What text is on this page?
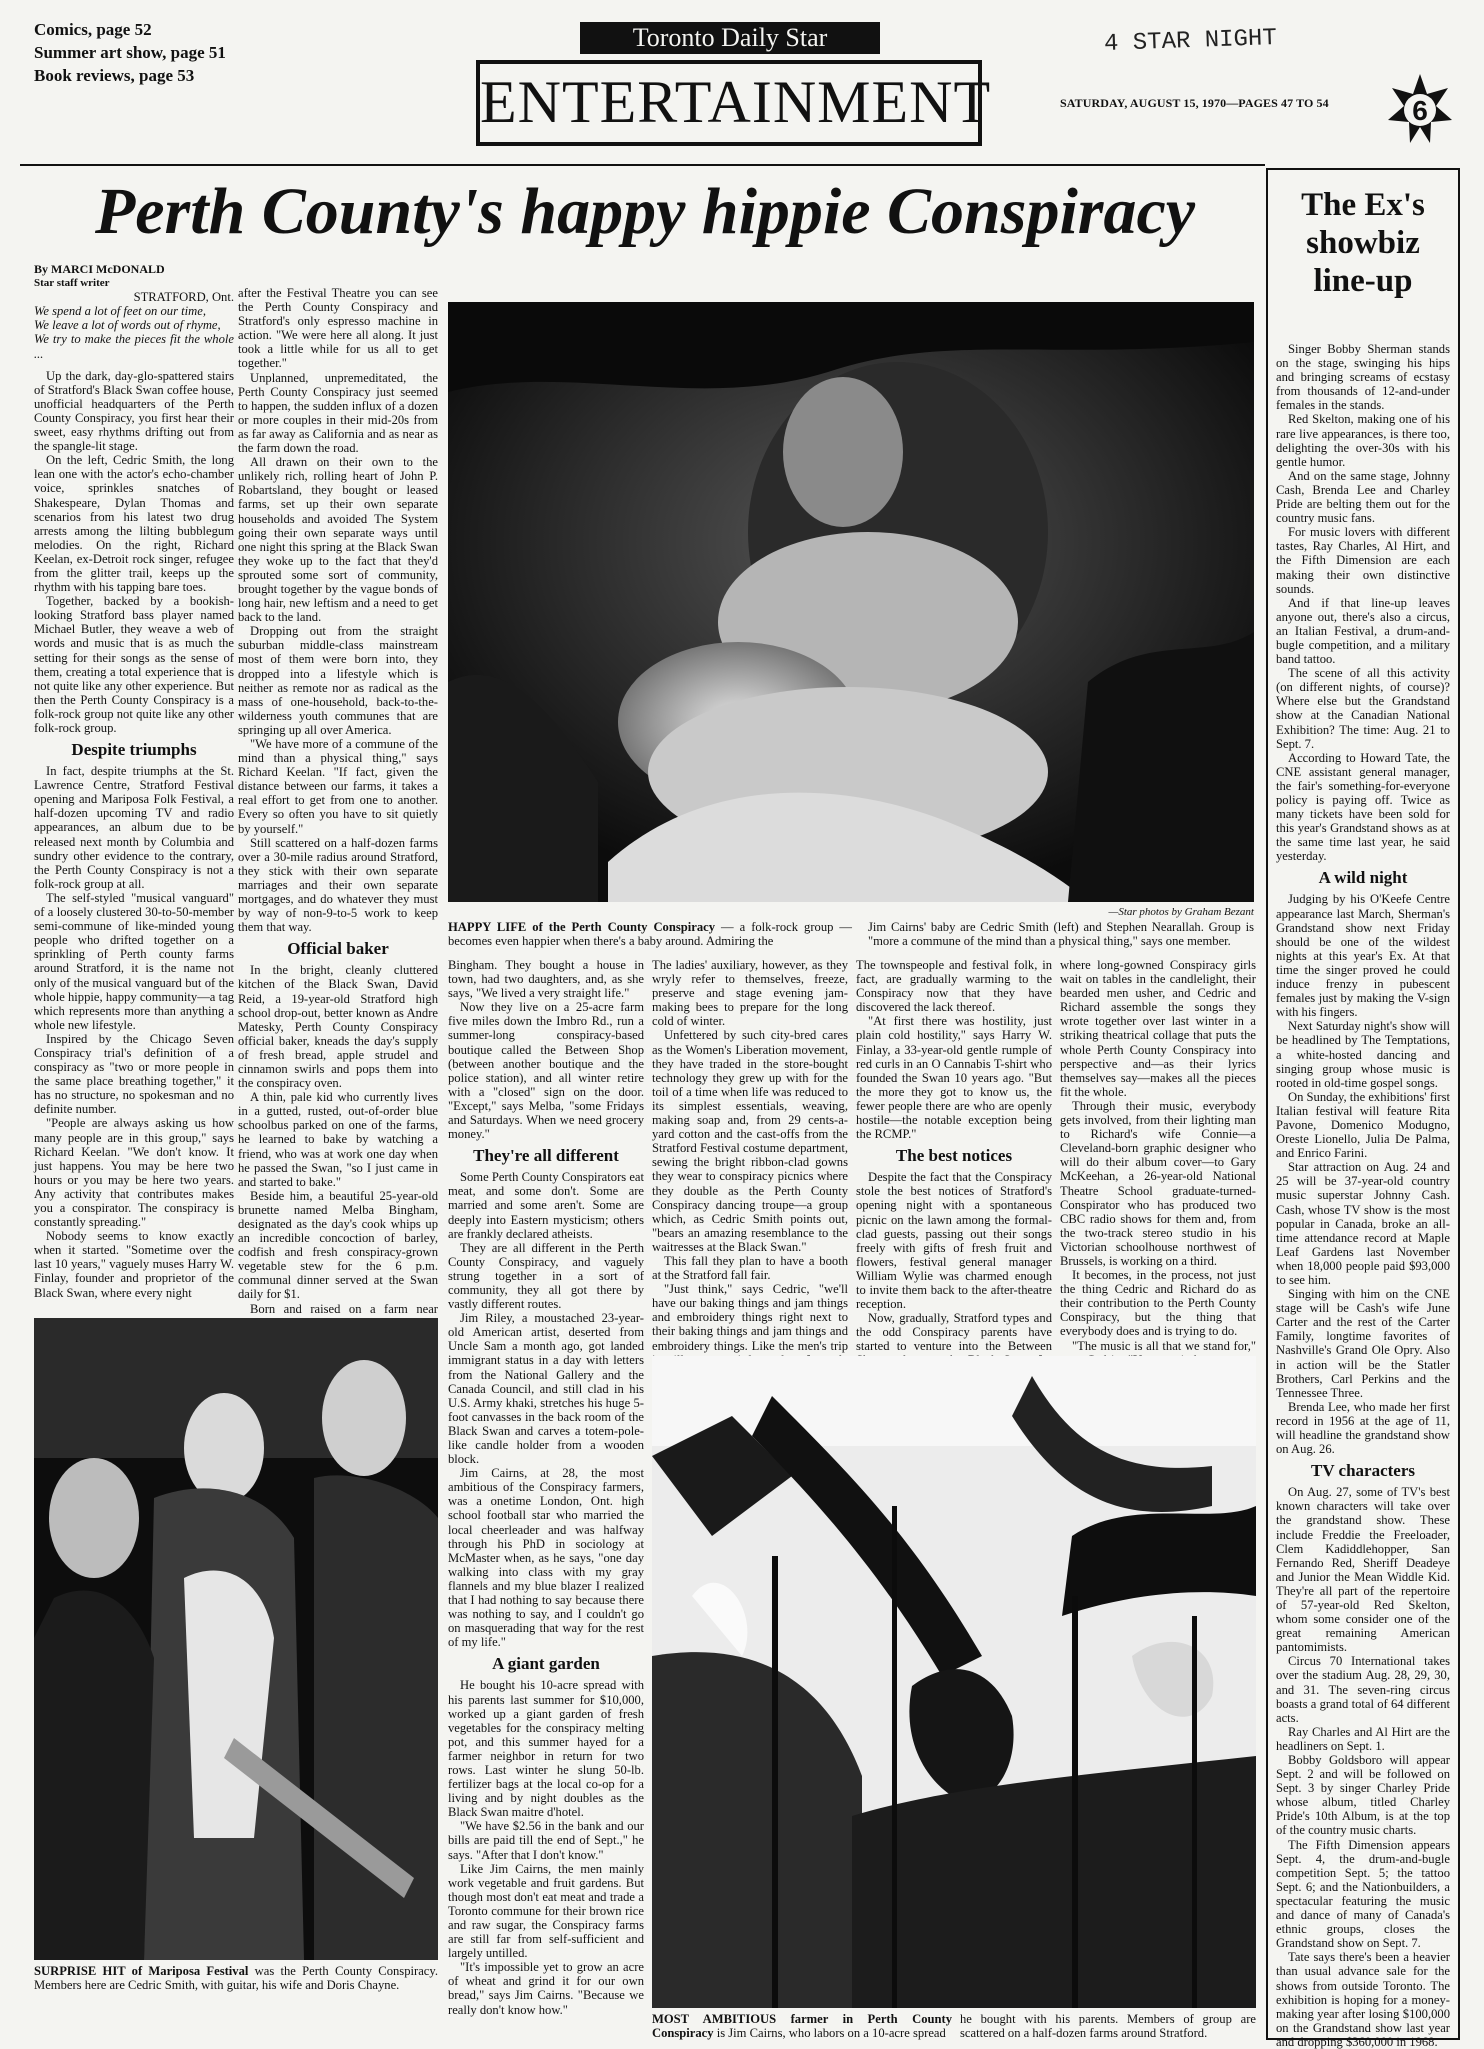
Comics, page 52
Summer art show, page 51
Book reviews, page 53
Toronto Daily Star
ENTERTAINMENT
4 STAR NIGHT
SATURDAY, AUGUST 15, 1970—PAGES 47 TO 54	6
Perth County's happy hippie Conspiracy

By MARCI McDONALD

Star staff writer

STRATFORD, Ont.

We spend a lot of feet on our time,

We leave a lot of words out of rhyme,

We try to make the pieces fit the whole ...

Up the dark, day-glo-spattered stairs of Stratford's Black Swan coffee house, unofficial headquarters of the Perth County Conspiracy, you first hear their sweet, easy rhythms drifting out from the spangle-lit stage.

On the left, Cedric Smith, the long lean one with the actor's echo-chamber voice, sprinkles snatches of Shakespeare, Dylan Thomas and scenarios from his latest two drug arrests among the lilting bubblegum melodies. On the right, Richard Keelan, ex-Detroit rock singer, refugee from the glitter trail, keeps up the rhythm with his tapping bare toes.

Together, backed by a bookish-looking Stratford bass player named Michael Butler, they weave a web of words and music that is as much the setting for their songs as the sense of them, creating a total experience that is not quite like any other experience. But then the Perth County Conspiracy is a folk-rock group not quite like any other folk-rock group.

Despite triumphs

In fact, despite triumphs at the St. Lawrence Centre, Stratford Festival opening and Mariposa Folk Festival, a half-dozen upcoming TV and radio appearances, an album due to be released next month by Columbia and sundry other evidence to the contrary, the Perth County Conspiracy is not a folk-rock group at all.

The self-styled "musical vanguard" of a loosely clustered 30-to-50-member semi-commune of like-minded young people who drifted together on a sprinkling of Perth county farms around Stratford, it is the name not only of the musical vanguard but of the whole hippie, happy community—a tag which represents more than anything a whole new lifestyle.

Inspired by the Chicago Seven Conspiracy trial's definition of a conspiracy as "two or more people in the same place breathing together," it has no structure, no spokesman and no definite number.

"People are always asking us how many people are in this group," says Richard Keelan. "We don't know. It just happens. You may be here two hours or you may be here two years. Any activity that contributes makes you a conspirator. The conspiracy is constantly spreading."

Nobody seems to know exactly when it started. "Sometime over the last 10 years," vaguely muses Harry W. Finlay, founder and proprietor of the Black Swan, where every night

after the Festival Theatre you can see the Perth County Conspiracy and Stratford's only espresso machine in action. "We were here all along. It just took a little while for us all to get together."

Unplanned, unpremeditated, the Perth County Conspiracy just seemed to happen, the sudden influx of a dozen or more couples in their mid-20s from as far away as California and as near as the farm down the road.

All drawn on their own to the unlikely rich, rolling heart of John P. Robartsland, they bought or leased farms, set up their own separate households and avoided The System going their own separate ways until one night this spring at the Black Swan they woke up to the fact that they'd sprouted some sort of community, brought together by the vague bonds of long hair, new leftism and a need to get back to the land.

Dropping out from the straight suburban middle-class mainstream most of them were born into, they dropped into a lifestyle which is neither as remote nor as radical as the mass of one-household, back-to-the-wilderness youth communes that are springing up all over America.

"We have more of a commune of the mind than a physical thing," says Richard Keelan. "If fact, given the distance between our farms, it takes a real effort to get from one to another. Every so often you have to sit quietly by yourself."

Still scattered on a half-dozen farms over a 30-mile radius around Stratford, they stick with their own separate marriages and their own separate mortgages, and do whatever they must by way of non-9-to-5 work to keep them that way.

Official baker

In the bright, cleanly cluttered kitchen of the Black Swan, David Reid, a 19-year-old Stratford high school drop-out, better known as Andre Matesky, Perth County Conspiracy official baker, kneads the day's supply of fresh bread, apple strudel and cinnamon swirls and pops them into the conspiracy oven.

A thin, pale kid who currently lives in a gutted, rusted, out-of-order blue schoolbus parked on one of the farms, he learned to bake by watching a friend, who was at work one day when he passed the Swan, "so I just came in and started to bake."

Beside him, a beautiful 25-year-old brunette named Melba Bingham, designated as the day's cook whips up an incredible concoction of barley, codfish and fresh conspiracy-grown vegetable stew for the 6 p.m. communal dinner served at the Swan daily for $1.

Born and raised on a farm near

—Star photos by Graham Bezant
HAPPY LIFE of the Perth County Conspiracy — a folk-rock group —becomes even happier when there's a baby around. Admiring the
Jim Cairns' baby are Cedric Smith (left) and Stephen Nearallah. Group is "more a commune of the mind than a physical thing," says one member.

Bingham. They bought a house in town, had two daughters, and, as she says, "We lived a very straight life."

Now they live on a 25-acre farm five miles down the Imbro Rd., run a summer-long conspiracy-based boutique called the Between Shop (between another boutique and the police station), and all winter retire with a "closed" sign on the door. "Except," says Melba, "some Fridays and Saturdays. When we need grocery money."

They're all different

Some Perth County Conspirators eat meat, and some don't. Some are married and some aren't. Some are deeply into Eastern mysticism; others are frankly declared atheists.

They are all different in the Perth County Conspiracy, and vaguely strung together in a sort of community, they all got there by vastly different routes.

Jim Riley, a moustached 23-year-old American artist, deserted from Uncle Sam a month ago, got landed immigrant status in a day with letters from the National Gallery and the Canada Council, and still clad in his U.S. Army khaki, stretches his huge 5-foot canvasses in the back room of the Black Swan and carves a totem-pole-like candle holder from a wooden block.

Jim Cairns, at 28, the most ambitious of the Conspiracy farmers, was a onetime London, Ont. high school football star who married the local cheerleader and was halfway through his PhD in sociology at McMaster when, as he says, "one day walking into class with my gray flannels and my blue blazer I realized that I had nothing to say because there was nothing to say, and I couldn't go on masquerading that way for the rest of my life."

A giant garden

He bought his 10-acre spread with his parents last summer for $10,000, worked up a giant garden of fresh vegetables for the conspiracy melting pot, and this summer hayed for a farmer neighbor in return for two rows. Last winter he slung 50-lb. fertilizer bags at the local co-op for a living and by night doubles as the Black Swan maitre d'hotel.

"We have $2.56 in the bank and our bills are paid till the end of Sept.," he says. "After that I don't know."

Like Jim Cairns, the men mainly work vegetable and fruit gardens. But though most don't eat meat and trade a Toronto commune for their brown rice and raw sugar, the Conspiracy farms are still far from self-sufficient and largely untilled.

"It's impossible yet to grow an acre of wheat and grind it for our own bread," says Jim Cairns. "Because we really don't know how."

The ladies' auxiliary, however, as they wryly refer to themselves, freeze, preserve and stage evening jam-making bees to prepare for the long cold of winter.

Unfettered by such city-bred cares as the Women's Liberation movement, they have traded in the store-bought technology they grew up with for the toil of a time when life was reduced to its simplest essentials, weaving, making soap and, from 29 cents-a-yard cotton and the cast-offs from the Stratford Festival costume department, sewing the bright ribbon-clad gowns they wear to conspiracy picnics where they double as the Perth County Conspiracy dancing troupe—a group which, as Cedric Smith points out, "bears an amazing resemblance to the waitresses at the Black Swan."

This fall they plan to have a booth at the Stratford fall fair.

"Just think," says Cedric, "we'll have our baking things and jam things and embroidery things right next to their baking things and jam things and embroidery things. Like the men's trip

The townspeople and festival folk, in fact, are gradually warming to the Conspiracy now that they have discovered the lack thereof.

"At first there was hostility, just plain cold hostility," says Harry W. Finlay, a 33-year-old gentle rumple of red curls in an O Cannabis T-shirt who founded the Swan 10 years ago. "But the more they got to know us, the fewer people there are who are openly hostile—the notable exception being the RCMP."

The best notices

Despite the fact that the Conspiracy stole the best notices of Stratford's opening night with a spontaneous picnic on the lawn among the formal-clad guests, passing out their songs freely with gifts of fresh fruit and flowers, festival general manager William Wylie was charmed enough to invite them back to the after-theatre reception.

Now, gradually, Stratford types and the odd Conspiracy parents have started to venture into the Between

where long-gowned Conspiracy girls wait on tables in the candlelight, their bearded men usher, and Cedric and Richard assemble the songs they wrote together over last winter in a striking theatrical collage that puts the whole Perth County Conspiracy into perspective and—as their lyrics themselves say—makes all the pieces fit the whole.

Through their music, everybody gets involved, from their lighting man to Richard's wife Connie—a Cleveland-born graphic designer who will do their album cover—to Gary McKeehan, a 26-year-old National Theatre School graduate-turned-Conspirator who has produced two CBC radio shows for them and, from the two-track stereo studio in his Victorian schoolhouse northwest of Brussels, is working on a third.

It becomes, in the process, not just the thing Cedric and Richard do as their contribution to the Perth County Conspiracy, but the thing that everybody does and is trying to do.

"The music is all that we stand for,"

SURPRISE HIT of Mariposa Festival was the Perth County Conspiracy. Members here are Cedric Smith, with guitar, his wife and Doris Chayne.
MOST AMBITIOUS farmer in Perth County Conspiracy is Jim Cairns, who labors on a 10-acre spread
he bought with his parents. Members of group are scattered on a half-dozen farms around Stratford.
The Ex's showbiz line-up

Singer Bobby Sherman stands on the stage, swinging his hips and bringing screams of ecstasy from thousands of 12-and-under females in the stands.

Red Skelton, making one of his rare live appearances, is there too, delighting the over-30s with his gentle humor.

And on the same stage, Johnny Cash, Brenda Lee and Charley Pride are belting them out for the country music fans.

For music lovers with different tastes, Ray Charles, Al Hirt, and the Fifth Dimension are each making their own distinctive sounds.

And if that line-up leaves anyone out, there's also a circus, an Italian Festival, a drum-and-bugle competition, and a military band tattoo.

The scene of all this activity (on different nights, of course)? Where else but the Grandstand show at the Canadian National Exhibition? The time: Aug. 21 to Sept. 7.

According to Howard Tate, the CNE assistant general manager, the fair's something-for-everyone policy is paying off. Twice as many tickets have been sold for this year's Grandstand shows as at the same time last year, he said yesterday.

A wild night

Judging by his O'Keefe Centre appearance last March, Sherman's Grandstand show next Friday should be one of the wildest nights at this year's Ex. At that time the singer proved he could induce frenzy in pubescent females just by making the V-sign with his fingers.

Next Saturday night's show will be headlined by The Temptations, a white-hosted dancing and singing group whose music is rooted in old-time gospel songs.

On Sunday, the exhibitions' first Italian festival will feature Rita Pavone, Domenico Modugno, Oreste Lionello, Julia De Palma, and Enrico Farini.

Star attraction on Aug. 24 and 25 will be 37-year-old country music superstar Johnny Cash. Cash, whose TV show is the most popular in Canada, broke an all-time attendance record at Maple Leaf Gardens last November when 18,000 people paid $93,000 to see him.

Singing with him on the CNE stage will be Cash's wife June Carter and the rest of the Carter Family, longtime favorites of Nashville's Grand Ole Opry. Also in action will be the Statler Brothers, Carl Perkins and the Tennessee Three.

Brenda Lee, who made her first record in 1956 at the age of 11, will headline the grandstand show on Aug. 26.

TV characters

On Aug. 27, some of TV's best known characters will take over the grandstand show. These include Freddie the Freeloader, Clem Kadiddlehopper, San Fernando Red, Sheriff Deadeye and Junior the Mean Widdle Kid. They're all part of the repertoire of 57-year-old Red Skelton, whom some consider one of the great remaining American pantomimists.

Circus 70 International takes over the stadium Aug. 28, 29, 30, and 31. The seven-ring circus boasts a grand total of 64 different acts.

Ray Charles and Al Hirt are the headliners on Sept. 1.

Bobby Goldsboro will appear Sept. 2 and will be followed on Sept. 3 by singer Charley Pride whose album, titled Charley Pride's 10th Album, is at the top of the country music charts.

The Fifth Dimension appears Sept. 4, the drum-and-bugle competition Sept. 5; the tattoo Sept. 6; and the Nationbuilders, a spectacular featuring the music and dance of many of Canada's ethnic groups, closes the Grandstand show on Sept. 7.

Tate says there's been a heavier than usual advance sale for the shows from outside Toronto. The exhibition is hoping for a money-making year after losing $100,000 on the Grandstand show last year and dropping $360,000 in 1968.
